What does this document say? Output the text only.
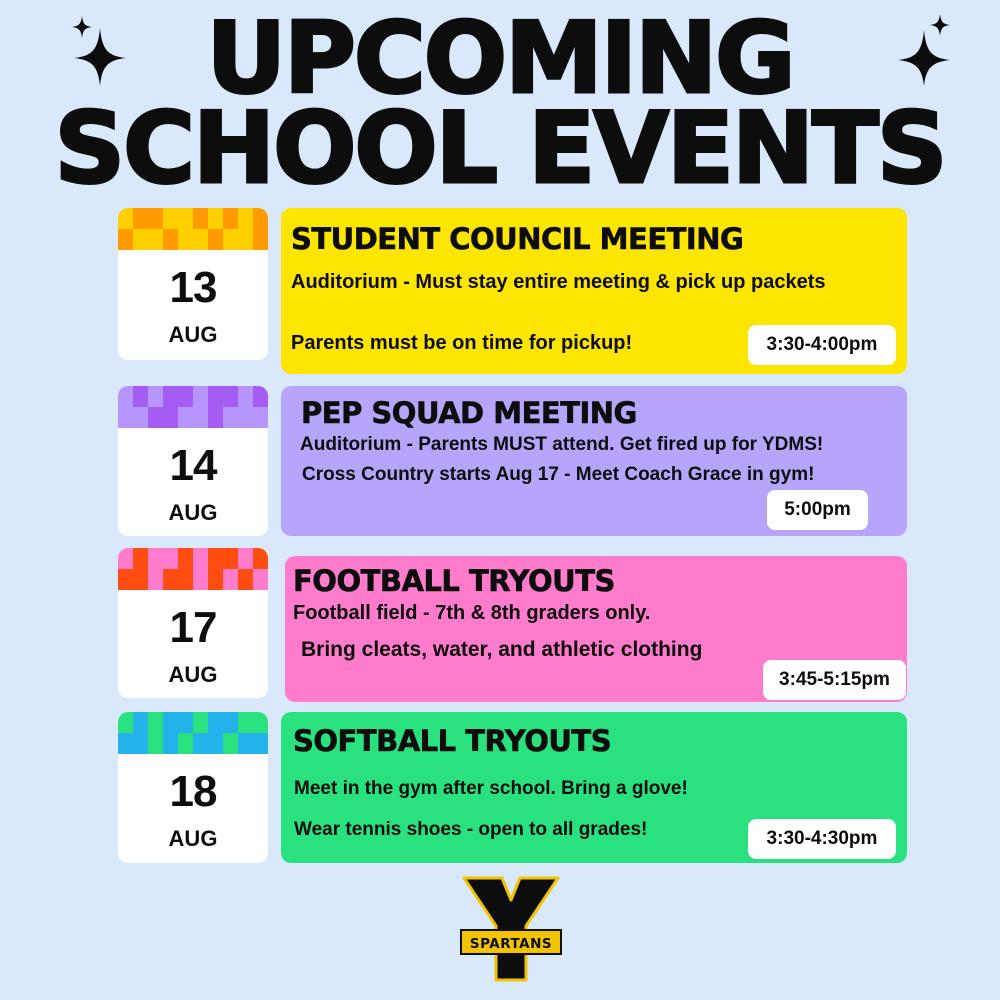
UPCOMING
SCHOOL EVENTS
13
AUG
STUDENT COUNCIL MEETING
Auditorium - Must stay entire meeting & pick up packets
Parents must be on time for pickup!	3:30-4:00pm
14
AUG
PEP SQUAD MEETING
Auditorium - Parents MUST attend. Get fired up for YDMS!
Cross Country starts Aug 17 - Meet Coach Grace in gym!
5:00pm
17
AUG
FOOTBALL TRYOUTS
Football field - 7th & 8th graders only.
Bring cleats, water, and athletic clothing
3:45-5:15pm
18
AUG
SOFTBALL TRYOUTS
Meet in the gym after school. Bring a glove!
Wear tennis shoes - open to all grades!	3:30-4:30pm
SPARTANS
